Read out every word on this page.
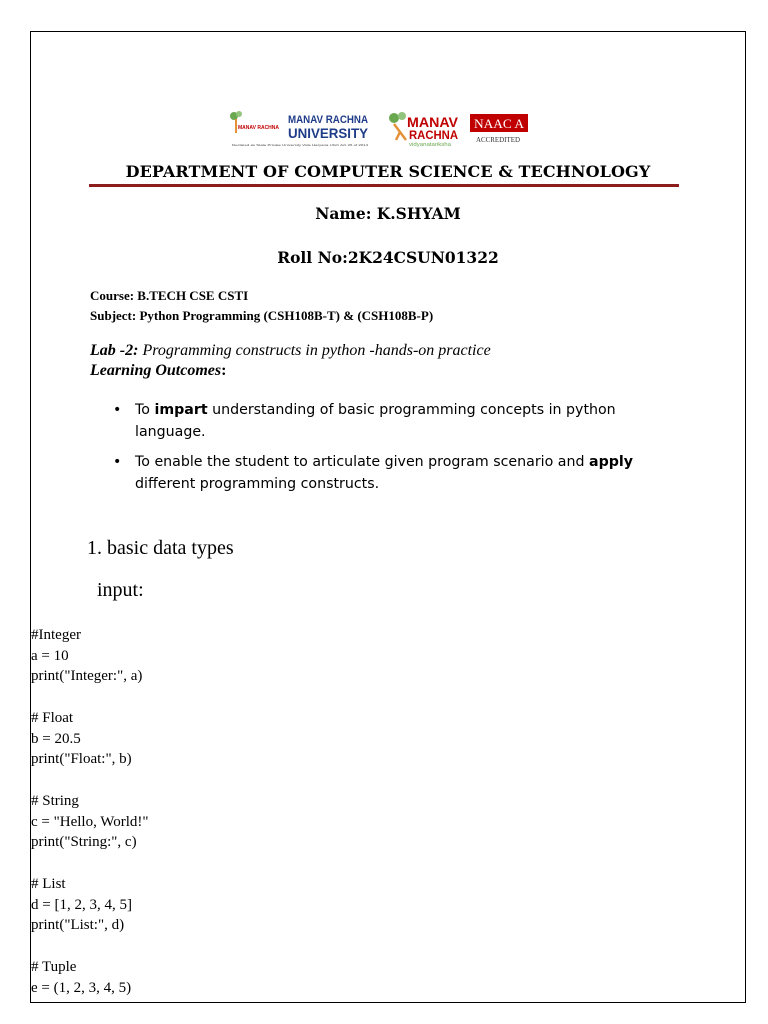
MANAV RACHNA
MANAV RACHNA
UNIVERSITY
Declared as State Private University Vide Haryana UGC Act 26 of 2014
MANAV
RACHNA
vidyanatariksha
NAAC A
ACCREDITED
DEPARTMENT OF COMPUTER SCIENCE & TECHNOLOGY
Name: K.SHYAM
Roll No:2K24CSUN01322
Course: B.TECH CSE CSTI
Subject: Python Programming (CSH108B-T) & (CSH108B-P)
Lab -2: Programming constructs in python -hands-on practice
Learning Outcomes:
• To impart understanding of basic programming concepts in python language.
• To enable the student to articulate given program scenario and apply different programming constructs.
1. basic data types
input:
#Integer
a = 10
print("Integer:", a)
# Float
b = 20.5
print("Float:", b)
# String
c = "Hello, World!"
print("String:", c)
# List
d = [1, 2, 3, 4, 5]
print("List:", d)
# Tuple
e = (1, 2, 3, 4, 5)
